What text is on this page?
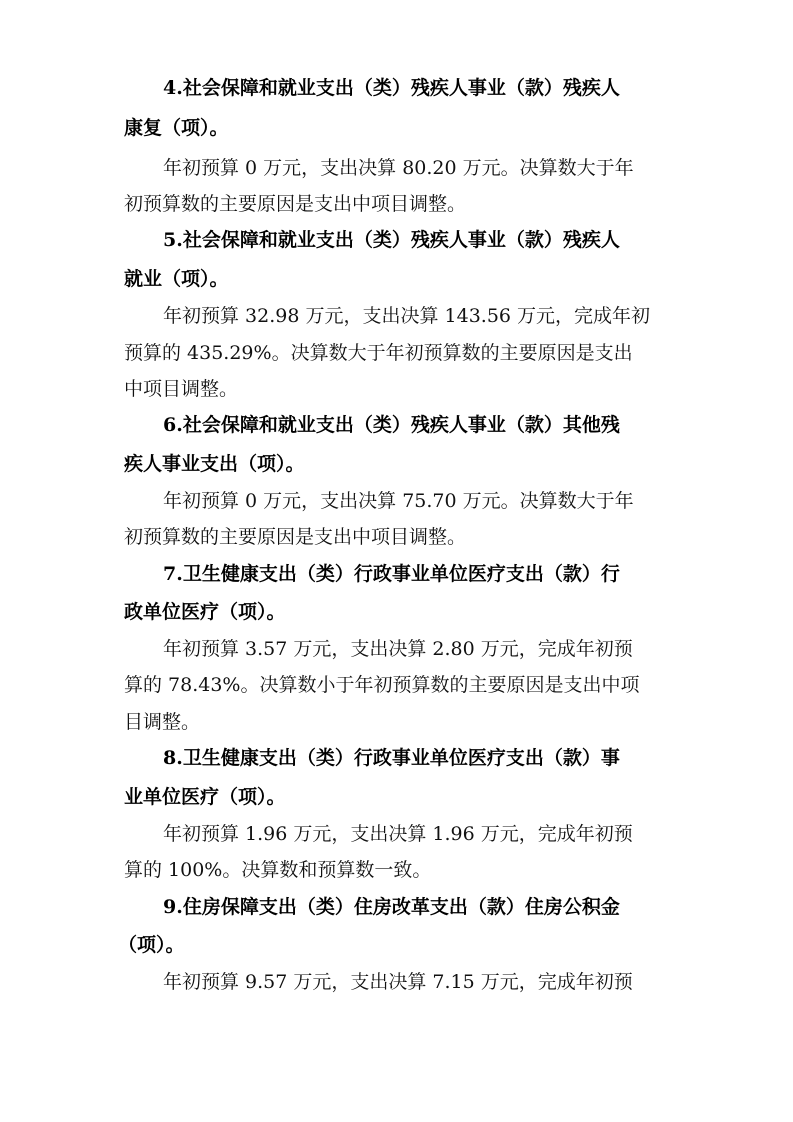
4.社会保障和就业支出（类）残疾人事业（款）残疾人
康复（项）。
年初预算 0 万元，支出决算 80.20 万元。决算数大于年
初预算数的主要原因是支出中项目调整。
5.社会保障和就业支出（类）残疾人事业（款）残疾人
就业（项）。
年初预算 32.98 万元，支出决算 143.56 万元，完成年初
预算的 435.29%。决算数大于年初预算数的主要原因是支出
中项目调整。
6.社会保障和就业支出（类）残疾人事业（款）其他残
疾人事业支出（项）。
年初预算 0 万元，支出决算 75.70 万元。决算数大于年
初预算数的主要原因是支出中项目调整。
7.卫生健康支出（类）行政事业单位医疗支出（款）行
政单位医疗（项）。
年初预算 3.57 万元，支出决算 2.80 万元，完成年初预
算的 78.43%。决算数小于年初预算数的主要原因是支出中项
目调整。
8.卫生健康支出（类）行政事业单位医疗支出（款）事
业单位医疗（项）。
年初预算 1.96 万元，支出决算 1.96 万元，完成年初预
算的 100%。决算数和预算数一致。
9.住房保障支出（类）住房改革支出（款）住房公积金
（项）。
年初预算 9.57 万元，支出决算 7.15 万元，完成年初预
